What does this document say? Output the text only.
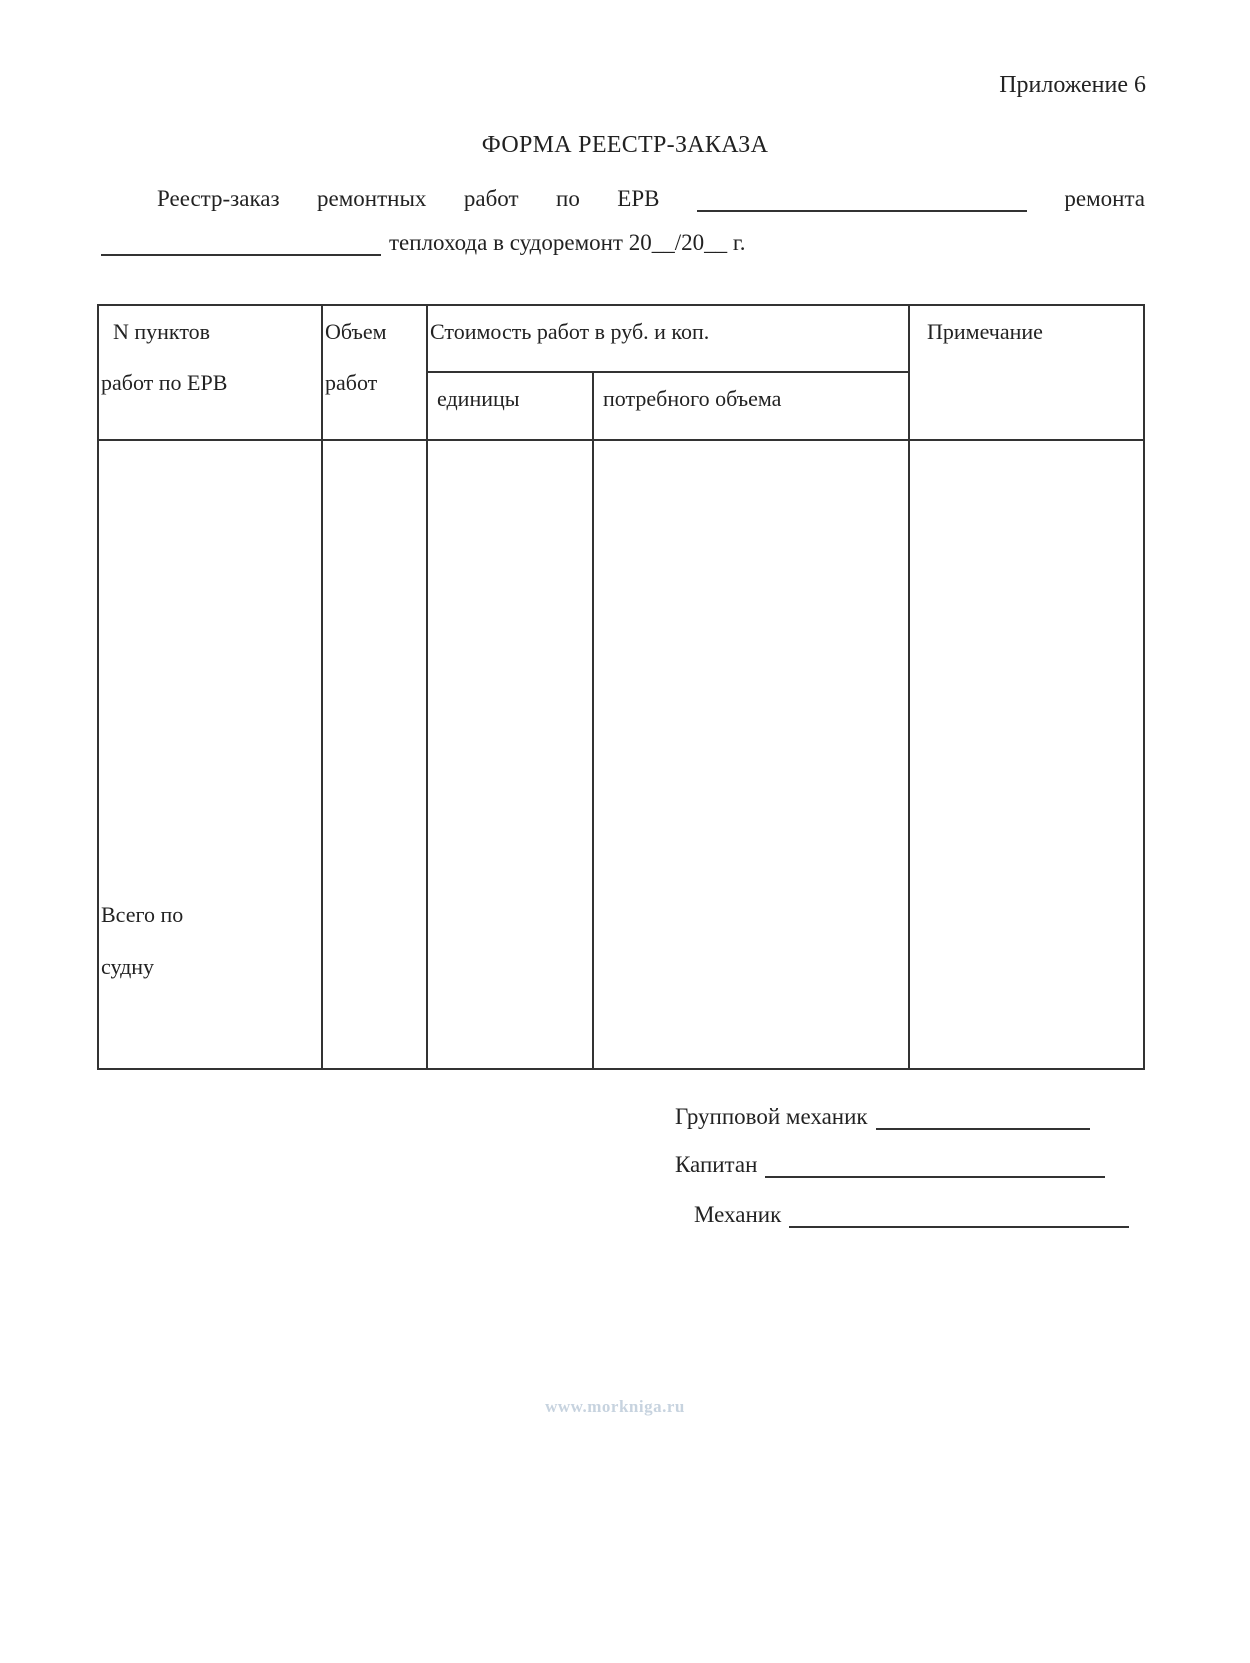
Приложение 6
ФОРМА РЕЕСТР-ЗАКАЗА
Реестр-заказ ремонтных работ по ЕРВ	ремонта
теплохода в судоремонт 20__/20__ г.
N пунктов
работ по ЕРВ
Объем
работ
Стоимость работ в руб. и коп.
единицы	потребного объема
Примечание
Всего по
судну
Групповой механик
Капитан
Механик
www.morkniga.ru
